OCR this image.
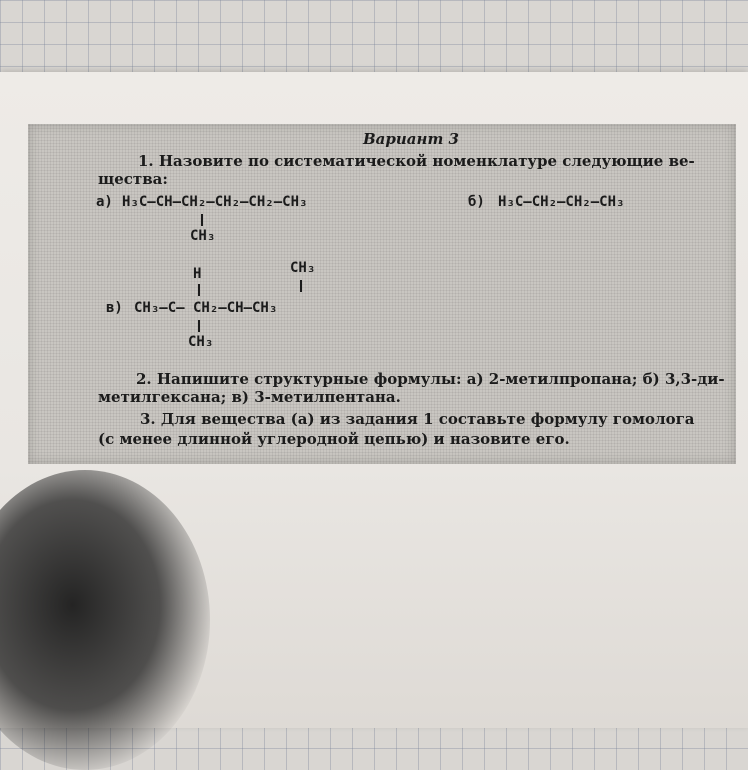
Вариант 3
1. Назовите по систематической номенклатуре следующие ве-
щества:
а) H₃C–CH–CH₂–CH₂–CH₂–CH₃
CH₃
б) H₃C–CH₂–CH₂–CH₃
H	CH₃
в) CH₃–C– CH₂–CH–CH₃
CH₃
2. Напишите структурные формулы: а) 2-метилпропана; б) 3,3-ди-
метилгексана; в) 3-метилпентана.
3. Для вещества (а) из задания 1 составьте формулу гомолога
(с менее длинной углеродной цепью) и назовите его.
